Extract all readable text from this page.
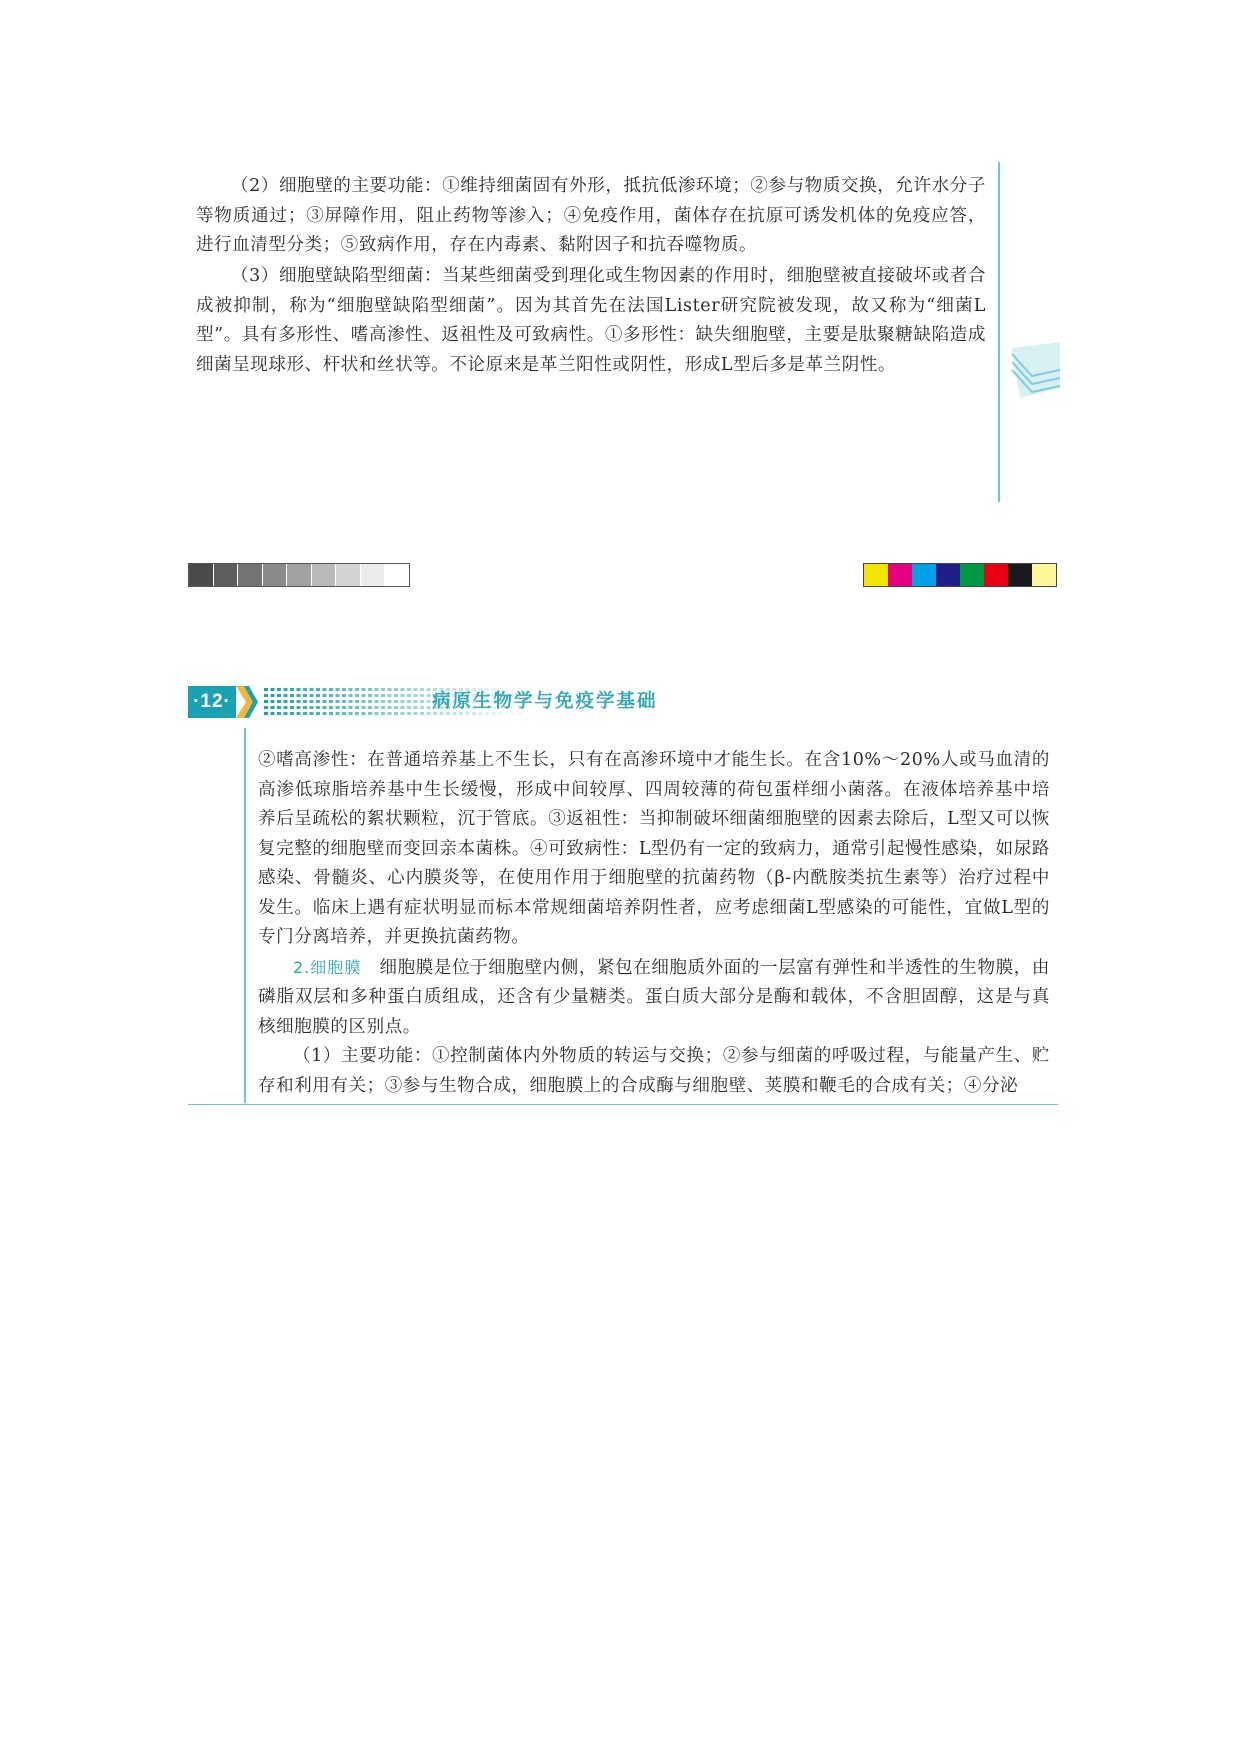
（2）细胞壁的主要功能：①维持细菌固有外形，抵抗低渗环境；②参与物质交换，允许水分子等物质通过；③屏障作用，阻止药物等渗入；④免疫作用，菌体存在抗原可诱发机体的免疫应答，进行血清型分类；⑤致病作用，存在内毒素、黏附因子和抗吞噬物质。

（3）细胞壁缺陷型细菌：当某些细菌受到理化或生物因素的作用时，细胞壁被直接破坏或者合成被抑制，称为“细胞壁缺陷型细菌”。因为其首先在法国Lister研究院被发现，故又称为“细菌L型”。具有多形性、嗜高渗性、返祖性及可致病性。①多形性：缺失细胞壁，主要是肽聚糖缺陷造成细菌呈现球形、杆状和丝状等。不论原来是革兰阳性或阴性，形成L型后多是革兰阴性。

·12·	病原生物学与免疫学基础

②嗜高渗性：在普通培养基上不生长，只有在高渗环境中才能生长。在含10%～20%人或马血清的高渗低琼脂培养基中生长缓慢，形成中间较厚、四周较薄的荷包蛋样细小菌落。在液体培养基中培养后呈疏松的絮状颗粒，沉于管底。③返祖性：当抑制破坏细菌细胞壁的因素去除后，L型又可以恢复完整的细胞壁而变回亲本菌株。④可致病性：L型仍有一定的致病力，通常引起慢性感染，如尿路感染、骨髓炎、心内膜炎等，在使用作用于细胞壁的抗菌药物（β-内酰胺类抗生素等）治疗过程中发生。临床上遇有症状明显而标本常规细菌培养阴性者，应考虑细菌L型感染的可能性，宜做L型的专门分离培养，并更换抗菌药物。

2.细胞膜　 细胞膜是位于细胞壁内侧，紧包在细胞质外面的一层富有弹性和半透性的生物膜，由磷脂双层和多种蛋白质组成，还含有少量糖类。蛋白质大部分是酶和载体，不含胆固醇，这是与真核细胞膜的区别点。

（1）主要功能：①控制菌体内外物质的转运与交换；②参与细菌的呼吸过程，与能量产生、贮存和利用有关；③参与生物合成，细胞膜上的合成酶与细胞壁、荚膜和鞭毛的合成有关；④分泌
